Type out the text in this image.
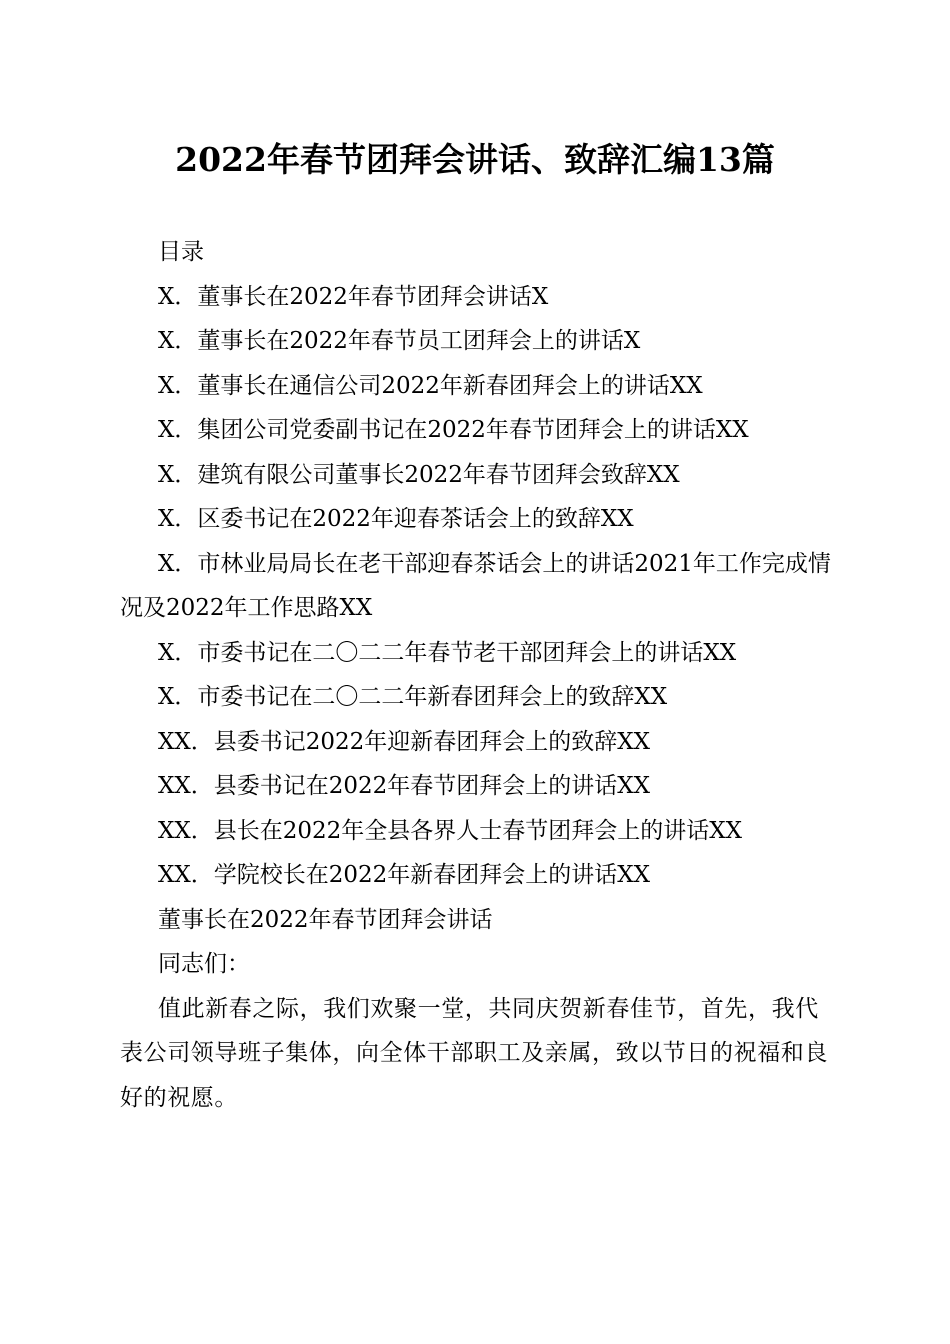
2022年春节团拜会讲话、致辞汇编13篇

目录

X．董事长在2022年春节团拜会讲话X

X．董事长在2022年春节员工团拜会上的讲话X

X．董事长在通信公司2022年新春团拜会上的讲话XX

X．集团公司党委副书记在2022年春节团拜会上的讲话XX

X．建筑有限公司董事长2022年春节团拜会致辞XX

X．区委书记在2022年迎春茶话会上的致辞XX

X．市林业局局长在老干部迎春茶话会上的讲话2021年工作完成情况及2022年工作思路XX

X．市委书记在二〇二二年春节老干部团拜会上的讲话XX

X．市委书记在二〇二二年新春团拜会上的致辞XX

XX．县委书记2022年迎新春团拜会上的致辞XX

XX．县委书记在2022年春节团拜会上的讲话XX

XX．县长在2022年全县各界人士春节团拜会上的讲话XX

XX．学院校长在2022年新春团拜会上的讲话XX

董事长在2022年春节团拜会讲话

同志们：

值此新春之际，我们欢聚一堂，共同庆贺新春佳节，首先，我代表公司领导班子集体，向全体干部职工及亲属，致以节日的祝福和良好的祝愿。
